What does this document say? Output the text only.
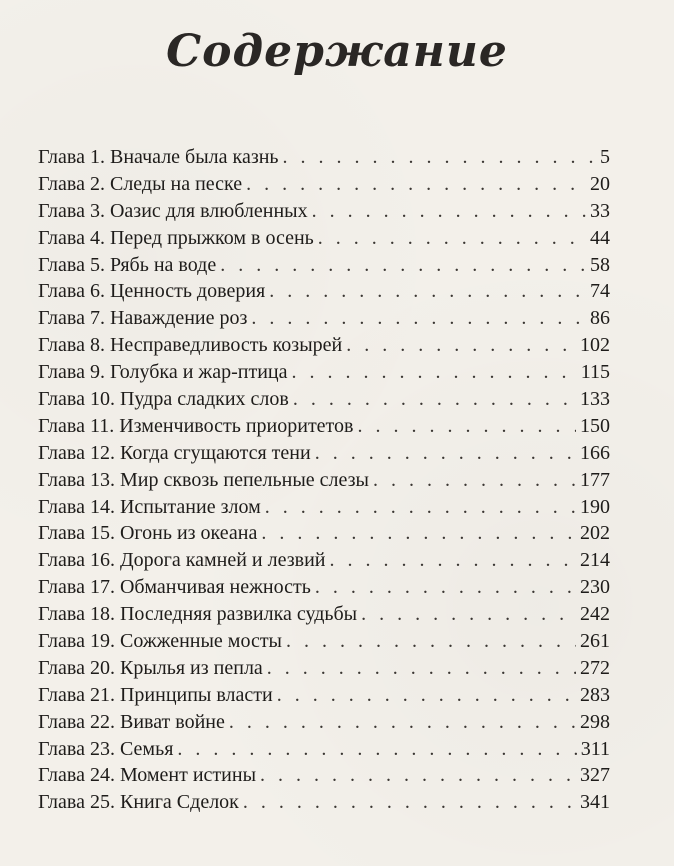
Содержание
Глава 1. Вначале была казнь . . .	5
Глава 2. Следы на песке . . .	20
Глава 3. Оазис для влюбленных . . .	33
Глава 4. Перед прыжком в осень . . .	44
Глава 5. Рябь на воде . . .	58
Глава 6. Ценность доверия . . .	74
Глава 7. Наваждение роз . . .	86
Глава 8. Несправедливость козырей . . .	102
Глава 9. Голубка и жар-птица . . .	115
Глава 10. Пудра сладких слов . . .	133
Глава 11. Изменчивость приоритетов . . .	150
Глава 12. Когда сгущаются тени . . .	166
Глава 13. Мир сквозь пепельные слезы . . .	177
Глава 14. Испытание злом . . .	190
Глава 15. Огонь из океана . . .	202
Глава 16. Дорога камней и лезвий . . .	214
Глава 17. Обманчивая нежность . . .	230
Глава 18. Последняя развилка судьбы . . .	242
Глава 19. Сожженные мосты . . .	261
Глава 20. Крылья из пепла . . .	272
Глава 21. Принципы власти . . .	283
Глава 22. Виват войне . . .	298
Глава 23. Семья . . .	311
Глава 24. Момент истины . . .	327
Глава 25. Книга Сделок . . .	341
